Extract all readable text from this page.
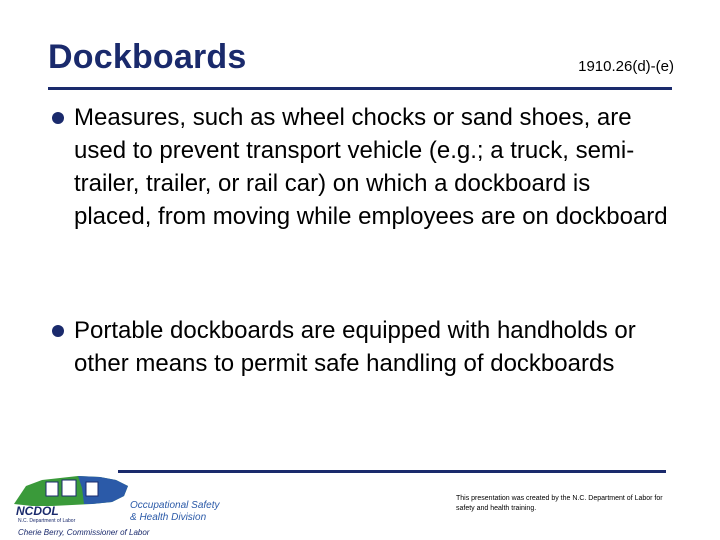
Dockboards	1910.26(d)-(e)
Measures, such as wheel chocks or sand shoes, are used to prevent transport vehicle (e.g.; a truck, semi-trailer, trailer, or rail car) on which a dockboard is placed, from moving while employees are on dockboard
Portable dockboards are equipped with handholds or other means to permit safe handling of dockboards
NCDOL
N.C. Department of Labor
Occupational Safety
& Health Division
Cherie Berry, Commissioner of Labor
This presentation was created by the N.C. Department of Labor for safety and health training.
